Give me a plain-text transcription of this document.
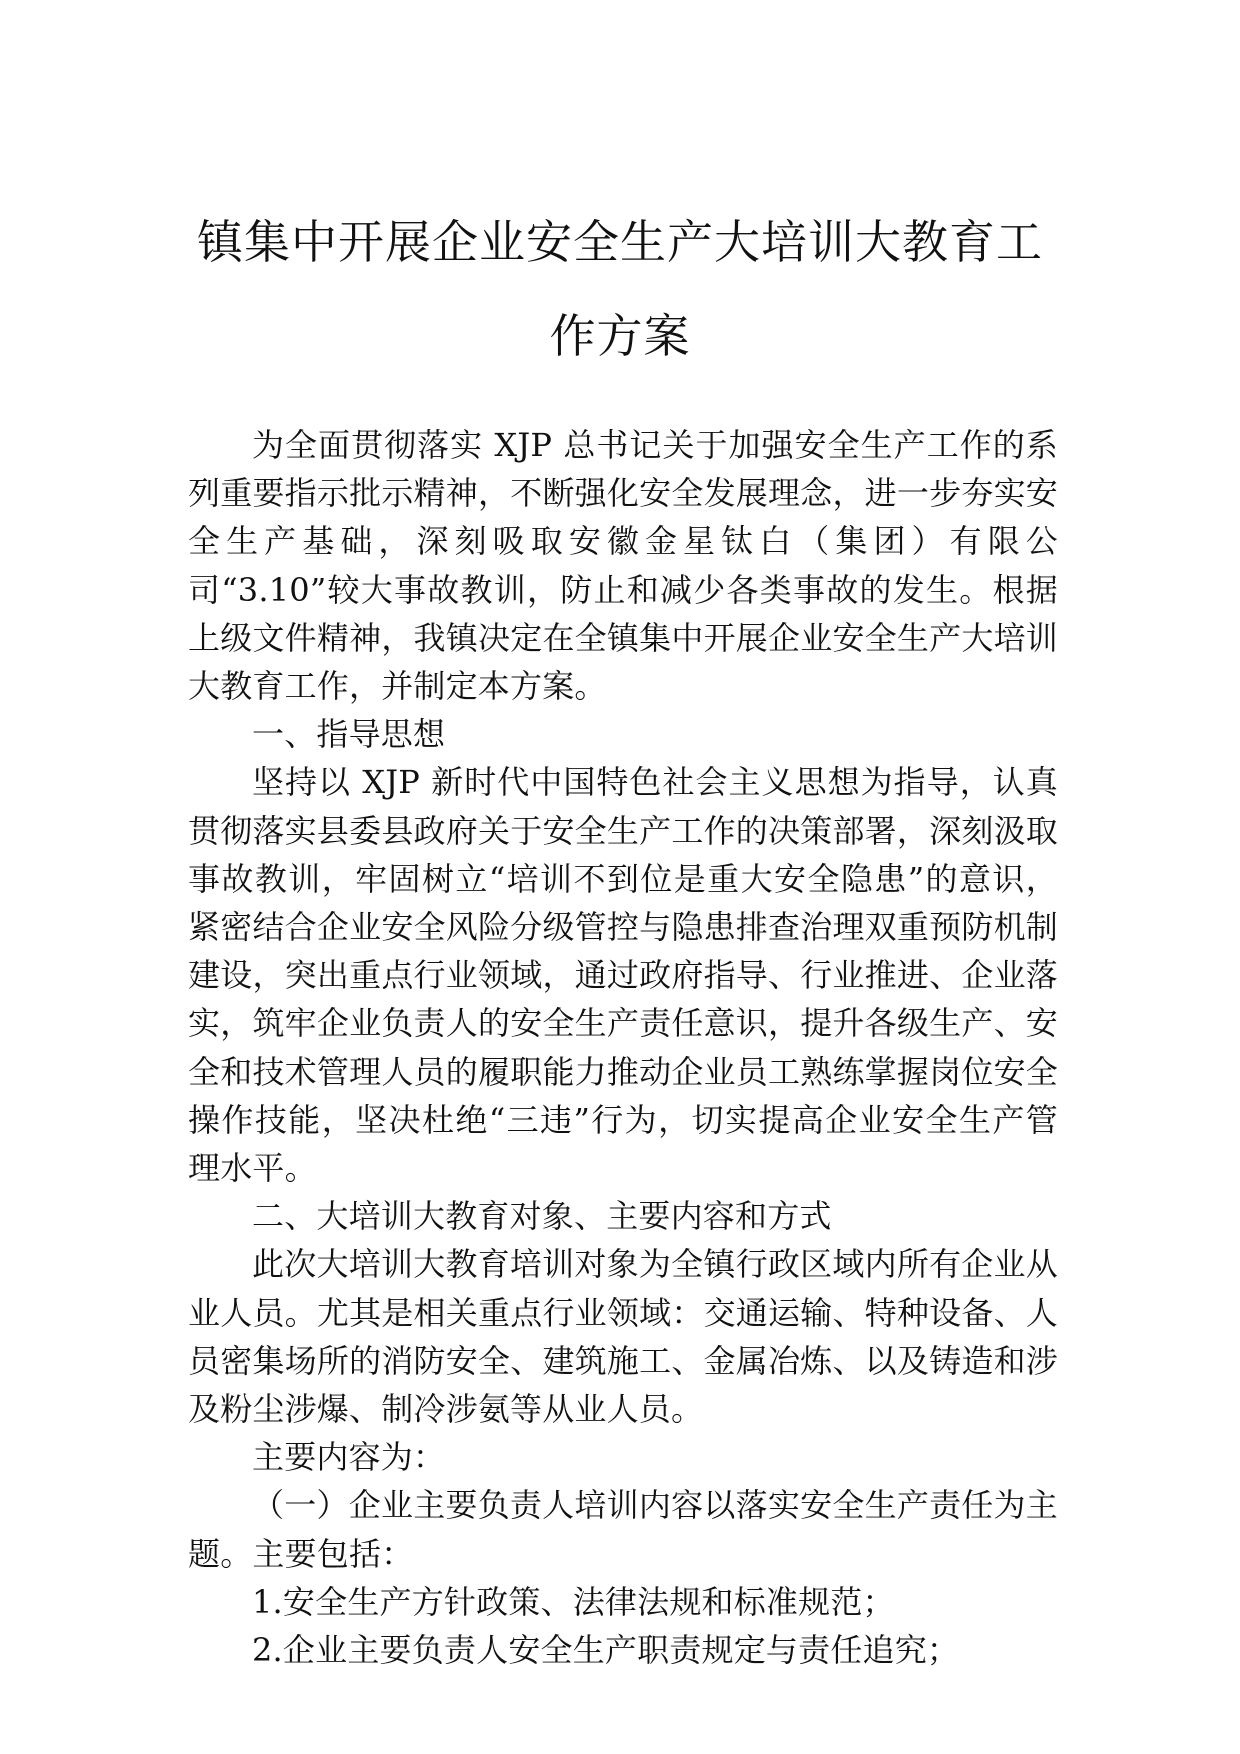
镇集中开展企业安全生产大培训大教育工
作方案

为全面贯彻落实 XJP 总书记关于加强安全生产工作的系列重要指示批示精神，不断强化安全发展理念，进一步夯实安全生产基础，深刻吸取安徽金星钛白（集团）有限公司“3.10”较大事故教训，防止和减少各类事故的发生。根据上级文件精神，我镇决定在全镇集中开展企业安全生产大培训大教育工作，并制定本方案。

一、指导思想

坚持以 XJP 新时代中国特色社会主义思想为指导，认真贯彻落实县委县政府关于安全生产工作的决策部署，深刻汲取事故教训，牢固树立“培训不到位是重大安全隐患”的意识，紧密结合企业安全风险分级管控与隐患排查治理双重预防机制建设，突出重点行业领域，通过政府指导、行业推进、企业落实，筑牢企业负责人的安全生产责任意识，提升各级生产、安全和技术管理人员的履职能力推动企业员工熟练掌握岗位安全操作技能，坚决杜绝“三违”行为，切实提高企业安全生产管理水平。

二、大培训大教育对象、主要内容和方式

此次大培训大教育培训对象为全镇行政区域内所有企业从业人员。尤其是相关重点行业领域：交通运输、特种设备、人员密集场所的消防安全、建筑施工、金属冶炼、以及铸造和涉及粉尘涉爆、制冷涉氨等从业人员。

主要内容为：

（一）企业主要负责人培训内容以落实安全生产责任为主题。主要包括：

1.安全生产方针政策、法律法规和标准规范；

2.企业主要负责人安全生产职责规定与责任追究；
